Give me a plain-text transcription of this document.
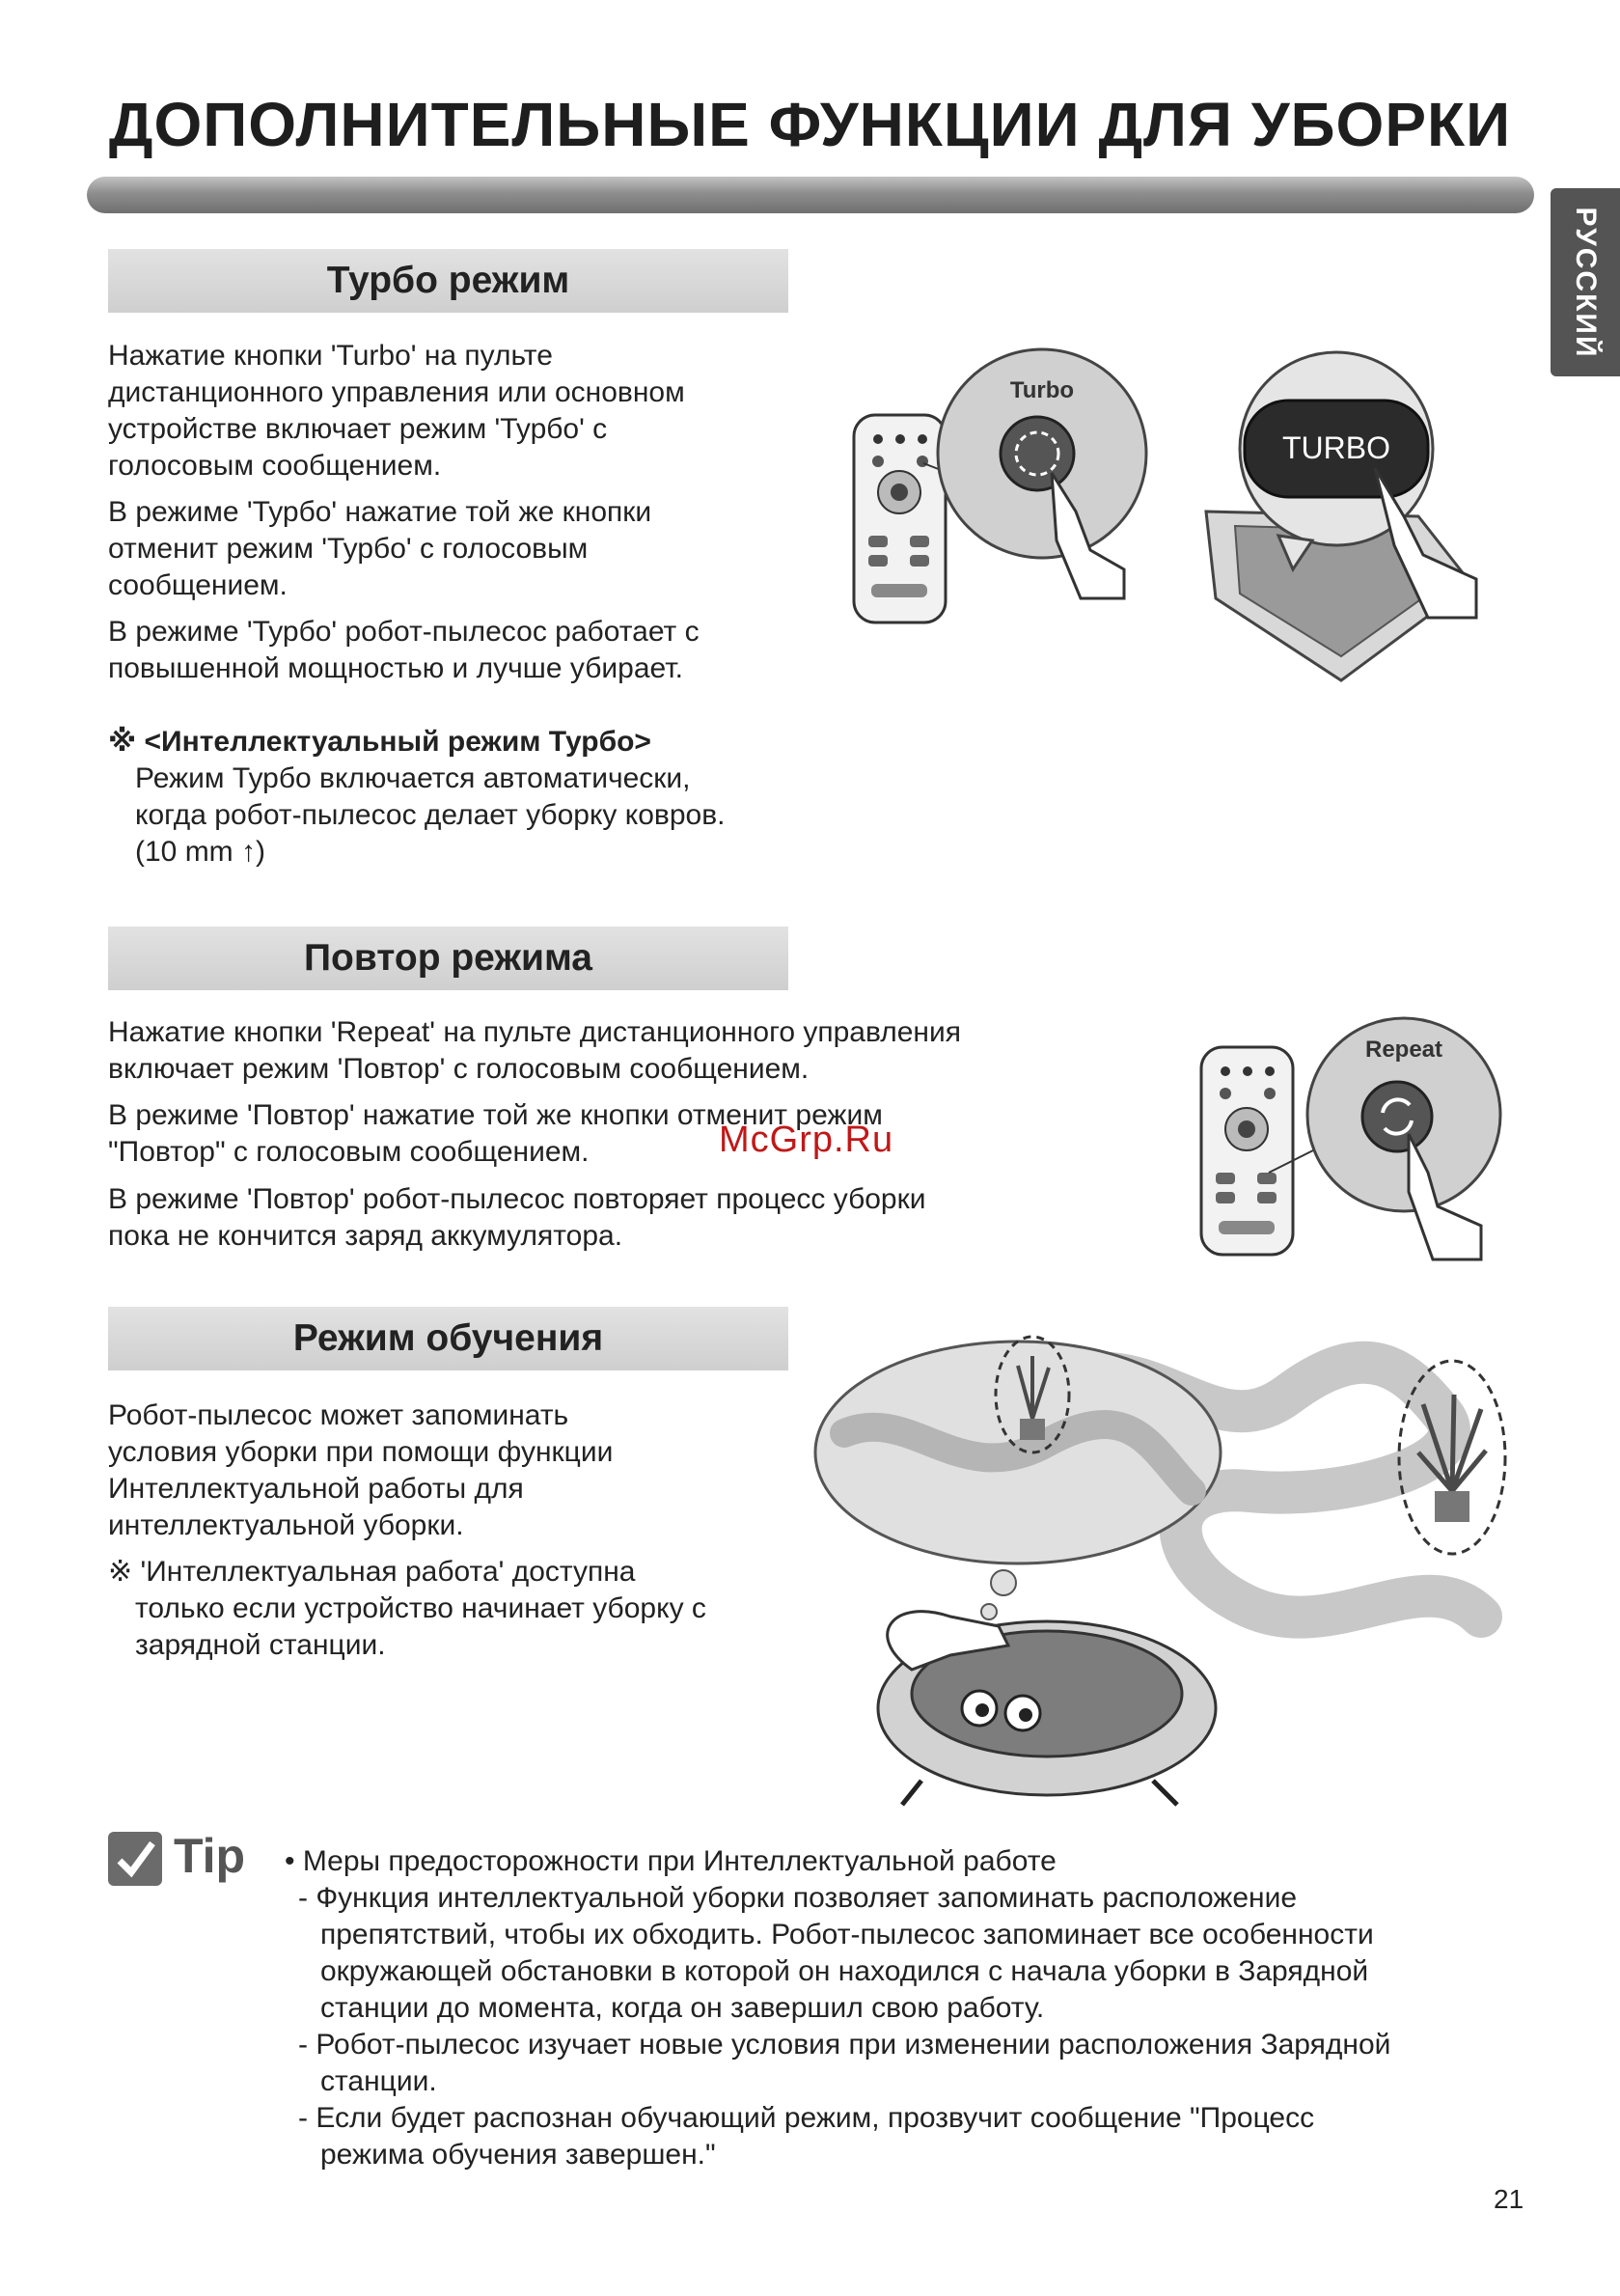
ДОПОЛНИТЕЛЬНЫЕ ФУНКЦИИ ДЛЯ УБОРКИ
РУССКИЙ
Турбо режим
Нажатие кнопки 'Turbo' на пульте
дистанционного управления или основном
устройстве включает режим 'Турбо' с
голосовым сообщением.
В режиме 'Турбо' нажатие той же кнопки
отменит режим 'Турбо' с голосовым
сообщением.
В режиме 'Турбо' робот-пылесос работает с
повышенной мощностью и лучше убирает.
※ <Интеллектуальный режим Турбо>
Режим Турбо включается автоматически,
когда робот-пылесос делает уборку ковров.
(10 mm ↑)
Turbo
TURBO
Повтор режима
Нажатие кнопки 'Repeat' на пульте дистанционного управления
включает режим 'Повтор' с голосовым сообщением.
В режиме 'Повтор' нажатие той же кнопки отменит режим
"Повтор" с голосовым сообщением.
В режиме 'Повтор' робот-пылесос повторяет процесс уборки
пока не кончится заряд аккумулятора.
McGrp.Ru
Repeat
Режим обучения
Робот-пылесос может запоминать
условия уборки при помощи функции
Интеллектуальной работы для
интеллектуальной уборки.
※ 'Интеллектуальная работа' доступна
только если устройство начинает уборку с
зарядной станции.
Tip • Меры предосторожности при Интеллектуальной работе
- Функция интеллектуальной уборки позволяет запоминать расположение
препятствий, чтобы их обходить. Робот-пылесос запоминает все особенности
окружающей обстановки в которой он находился с начала уборки в Зарядной
станции до момента, когда он завершил свою работу.
- Робот-пылесос изучает новые условия при изменении расположения Зарядной
станции.
- Если будет распознан обучающий режим, прозвучит сообщение "Процесс
режима обучения завершен."
21
